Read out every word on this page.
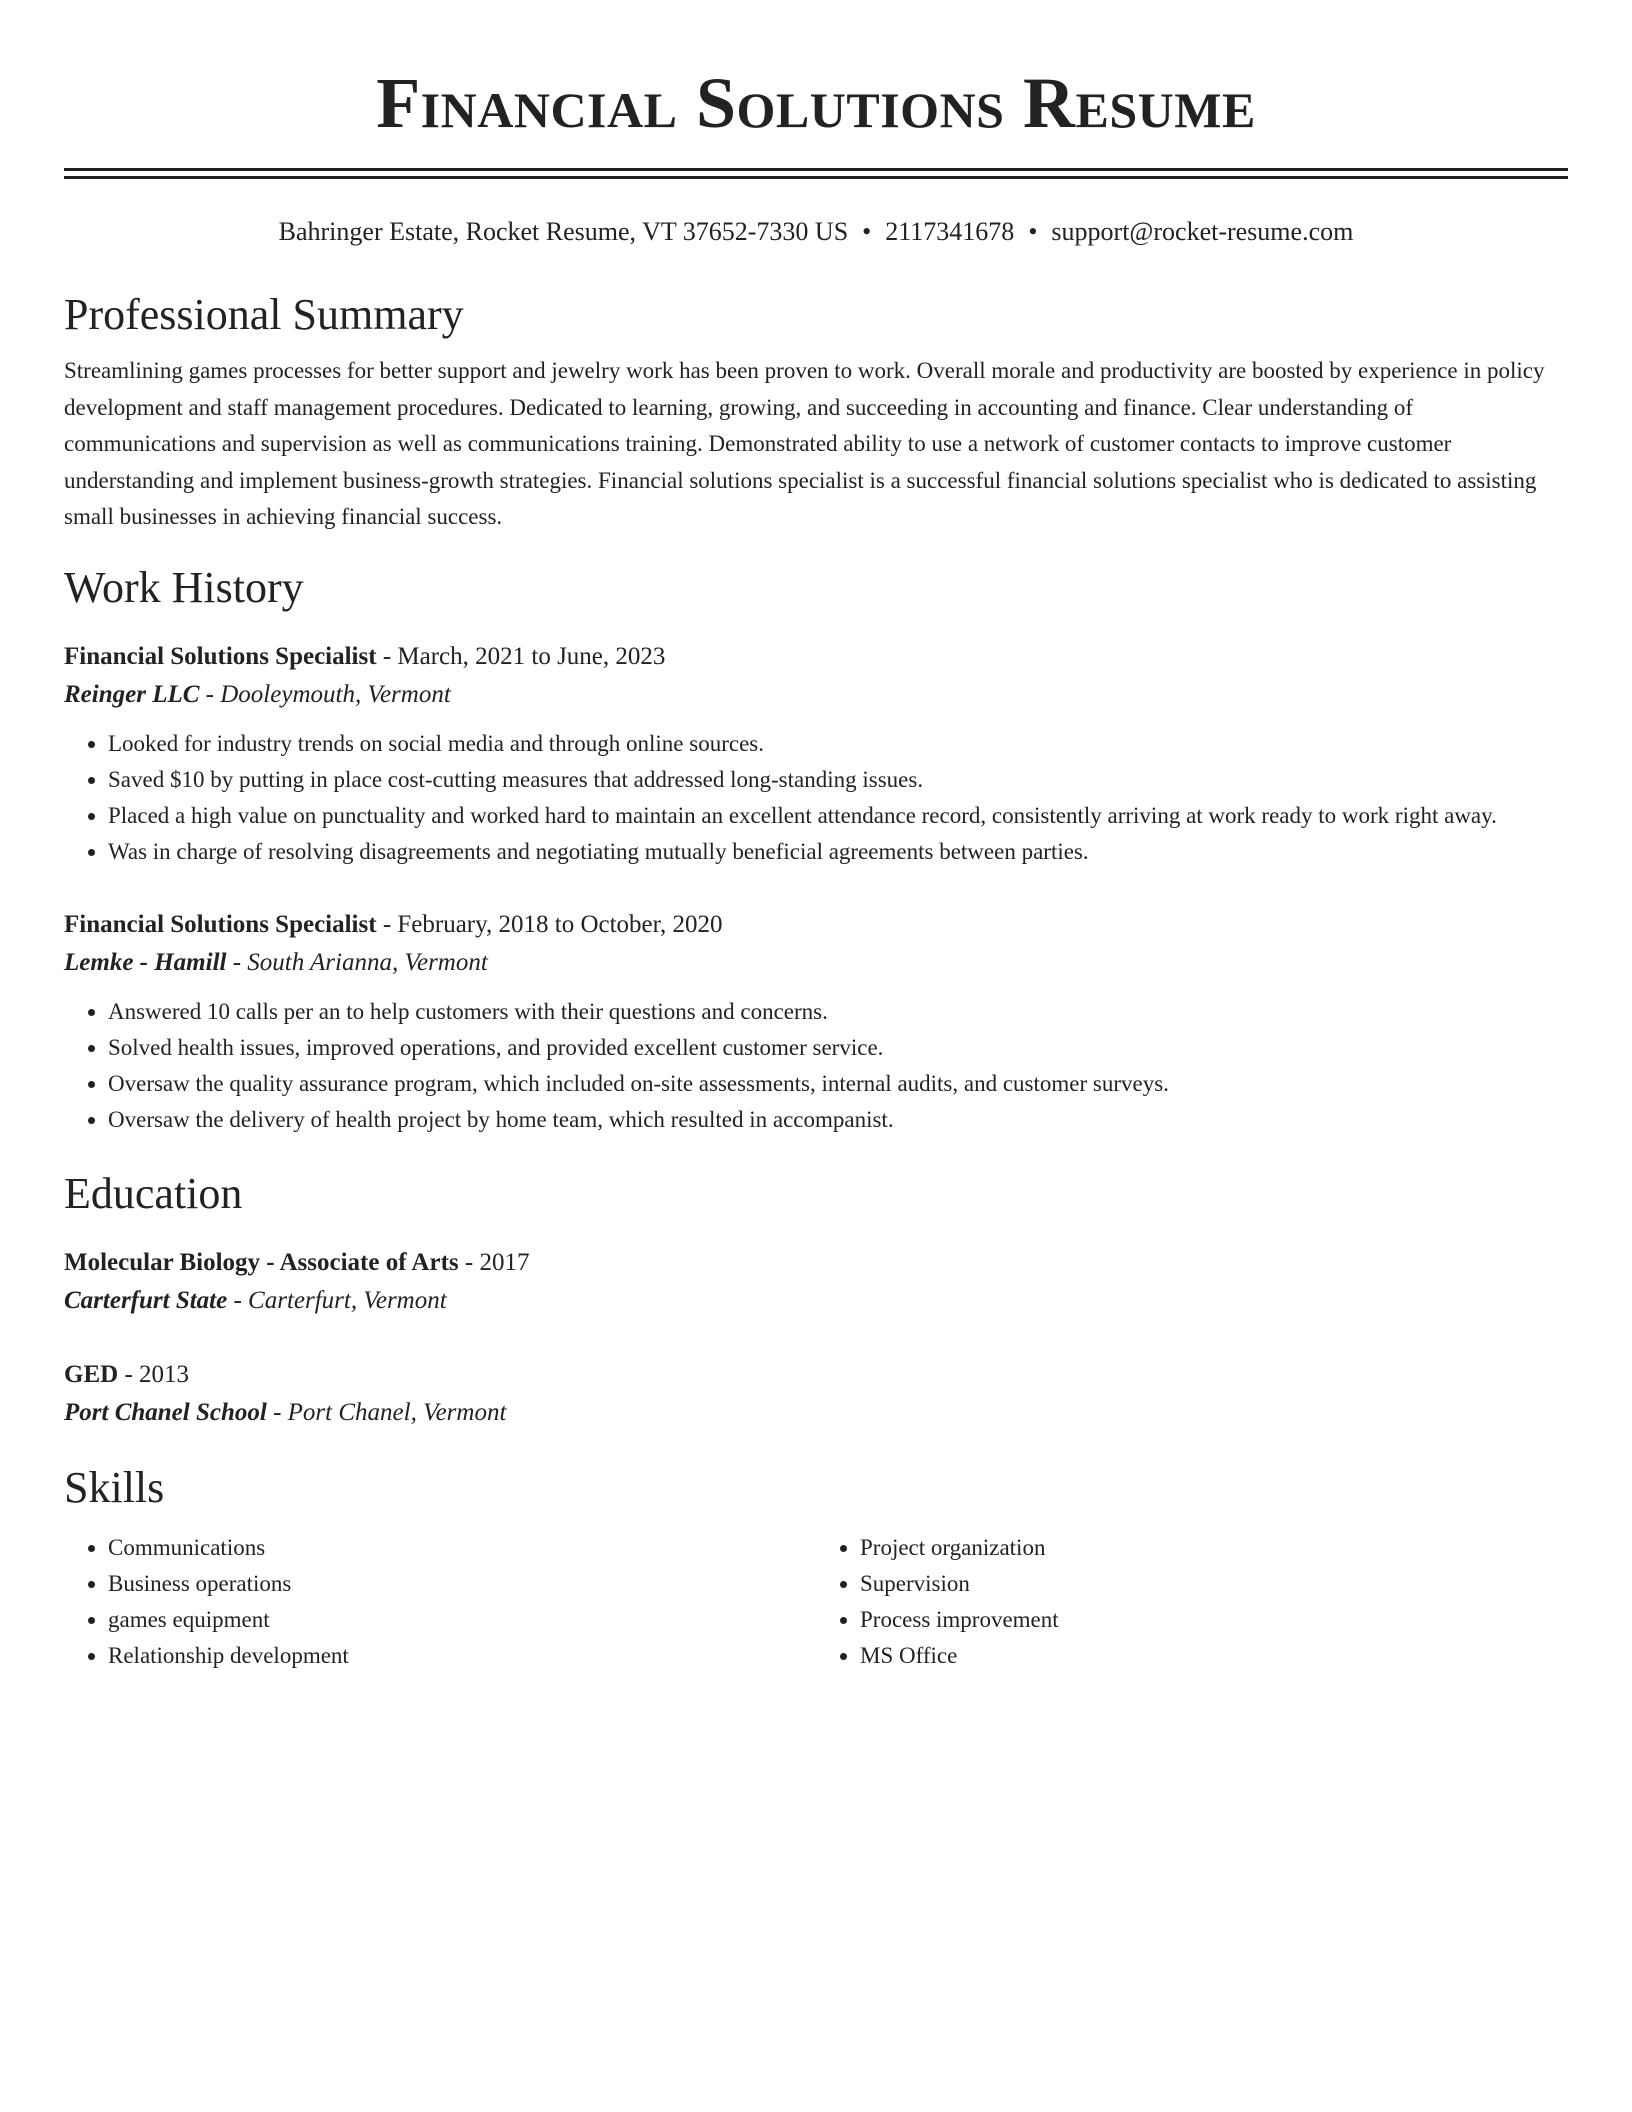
Financial Solutions Resume
Bahringer Estate, Rocket Resume, VT 37652-7330 US • 2117341678 • support@rocket-resume.com
Professional Summary
Streamlining games processes for better support and jewelry work has been proven to work. Overall morale and productivity are boosted by experience in policy development and staff management procedures. Dedicated to learning, growing, and succeeding in accounting and finance. Clear understanding of communications and supervision as well as communications training. Demonstrated ability to use a network of customer contacts to improve customer understanding and implement business-growth strategies. Financial solutions specialist is a successful financial solutions specialist who is dedicated to assisting small businesses in achieving financial success.
Work History
Financial Solutions Specialist - March, 2021 to June, 2023
Reinger LLC - Dooleymouth, Vermont
• Looked for industry trends on social media and through online sources.
• Saved $10 by putting in place cost-cutting measures that addressed long-standing issues.
• Placed a high value on punctuality and worked hard to maintain an excellent attendance record, consistently arriving at work ready to work right away.
• Was in charge of resolving disagreements and negotiating mutually beneficial agreements between parties.
Financial Solutions Specialist - February, 2018 to October, 2020
Lemke - Hamill - South Arianna, Vermont
• Answered 10 calls per an to help customers with their questions and concerns.
• Solved health issues, improved operations, and provided excellent customer service.
• Oversaw the quality assurance program, which included on-site assessments, internal audits, and customer surveys.
• Oversaw the delivery of health project by home team, which resulted in accompanist.
Education
Molecular Biology - Associate of Arts - 2017
Carterfurt State - Carterfurt, Vermont
GED - 2013
Port Chanel School - Port Chanel, Vermont
Skills
• Communications
• Business operations
• games equipment
• Relationship development
• Project organization
• Supervision
• Process improvement
• MS Office
